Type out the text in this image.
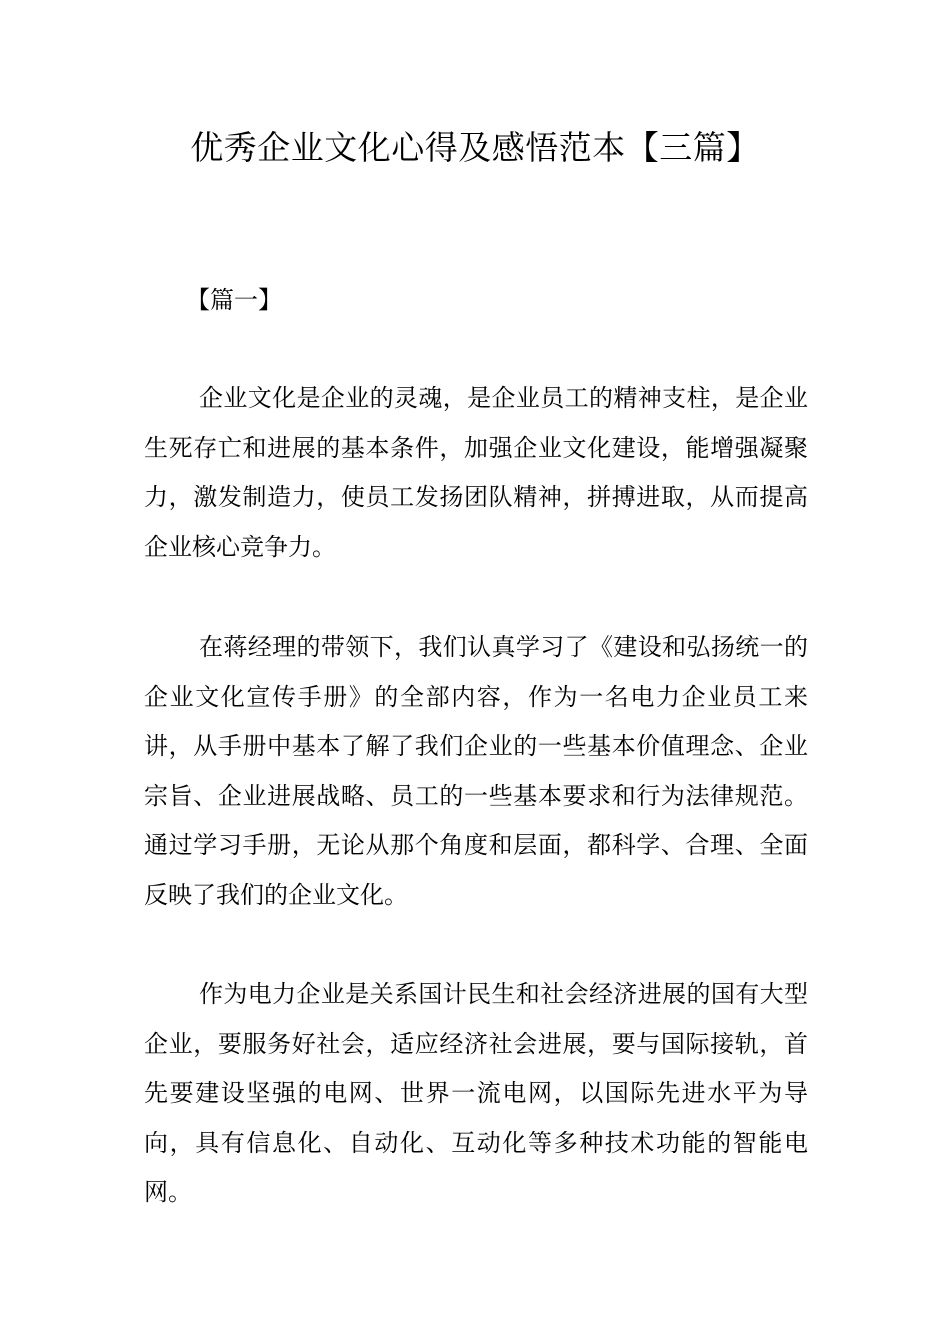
优秀企业文化心得及感悟范本【三篇】
【篇一】

企业文化是企业的灵魂，是企业员工的精神支柱，是企业生死存亡和进展的基本条件，加强企业文化建设，能增强凝聚力，激发制造力，使员工发扬团队精神，拼搏进取，从而提高企业核心竞争力。

在蒋经理的带领下，我们认真学习了《建设和弘扬统一的企业文化宣传手册》的全部内容，作为一名电力企业员工来讲，从手册中基本了解了我们企业的一些基本价值理念、企业宗旨、企业进展战略、员工的一些基本要求和行为法律规范。通过学习手册，无论从那个角度和层面，都科学、合理、全面反映了我们的企业文化。

作为电力企业是关系国计民生和社会经济进展的国有大型企业，要服务好社会，适应经济社会进展，要与国际接轨，首先要建设坚强的电网、世界一流电网，以国际先进水平为导向，具有信息化、自动化、互动化等多种技术功能的智能电网。
